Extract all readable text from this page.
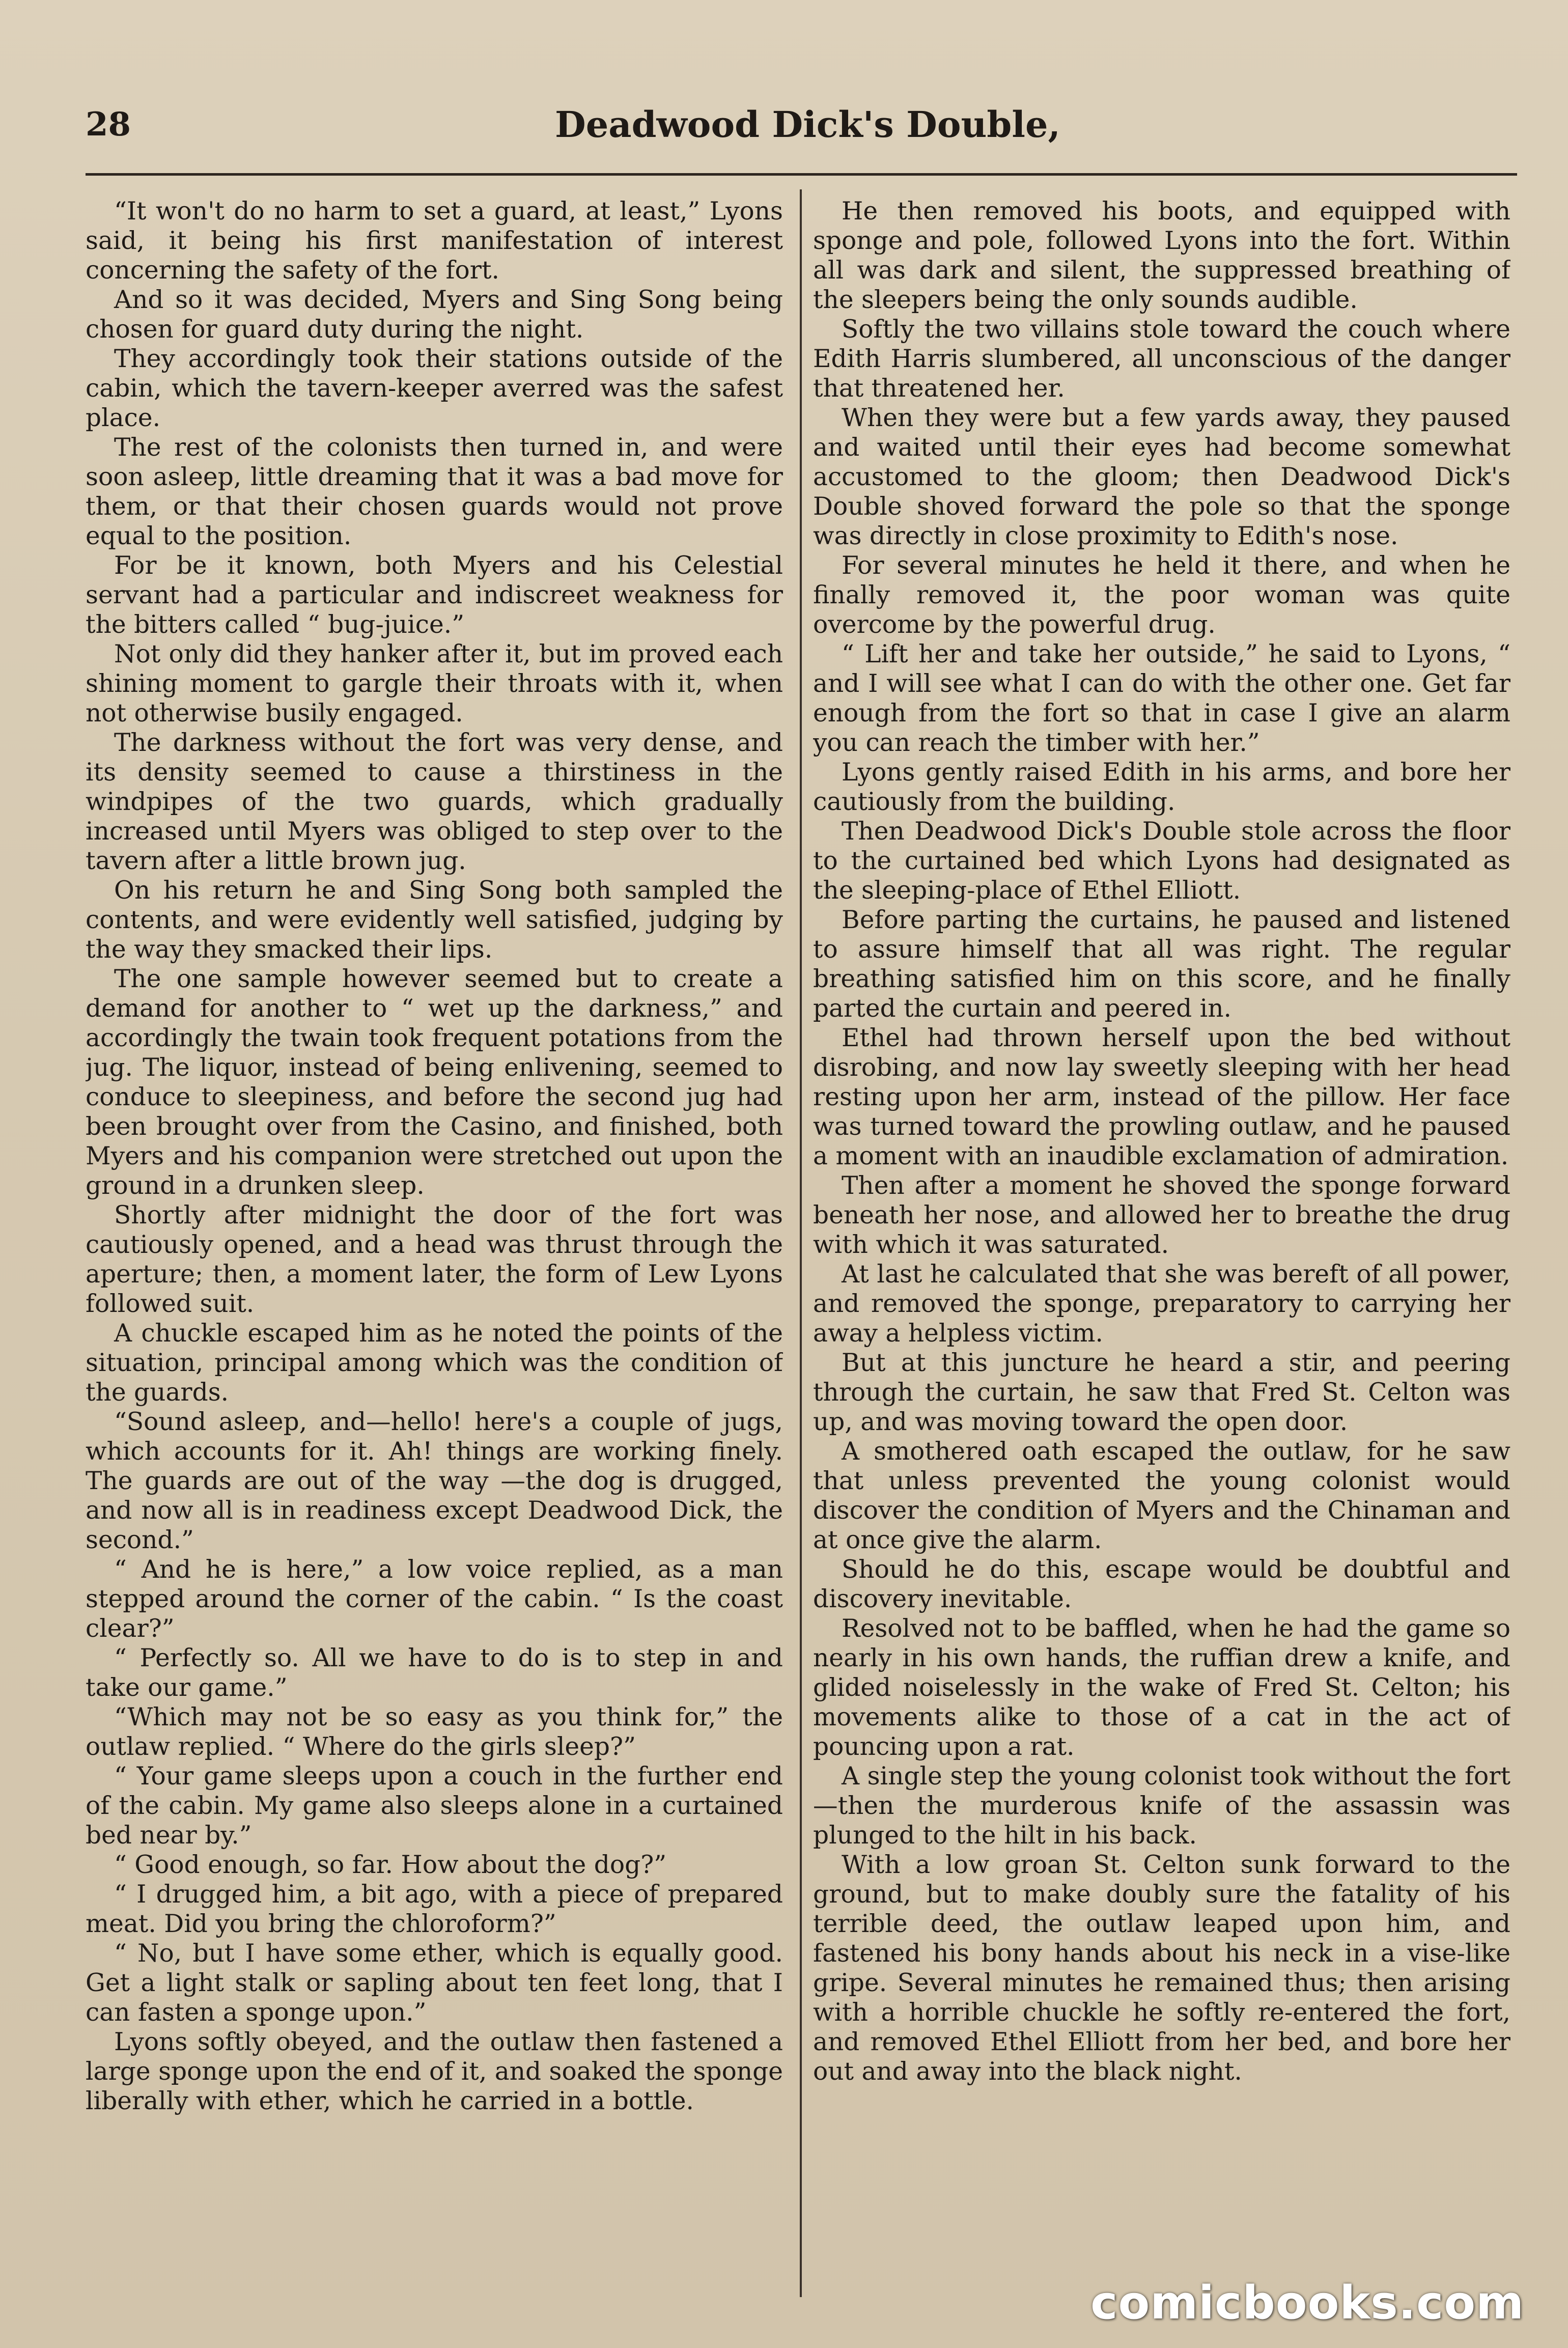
28	Deadwood Dick's Double,

“It won't do no harm to set a guard, at least,” Lyons said, it being his first manifestation of interest concerning the safety of the fort.

And so it was decided, Myers and Sing Song being chosen for guard duty during the night.

They accordingly took their stations outside of the cabin, which the tavern-keeper averred was the safest place.

The rest of the colonists then turned in, and were soon asleep, little dreaming that it was a bad move for them, or that their chosen guards would not prove equal to the position.

For be it known, both Myers and his Celestial servant had a particular and indiscreet weakness for the bitters called “ bug-juice.”

Not only did they hanker after it, but im proved each shining moment to gargle their throats with it, when not otherwise busily engaged.

The darkness without the fort was very dense, and its density seemed to cause a thirstiness in the windpipes of the two guards, which gradually increased until Myers was obliged to step over to the tavern after a little brown jug.

On his return he and Sing Song both sampled the contents, and were evidently well satisfied, judging by the way they smacked their lips.

The one sample however seemed but to create a demand for another to “ wet up the darkness,” and accordingly the twain took frequent potations from the jug. The liquor, instead of being enlivening, seemed to conduce to sleepiness, and before the second jug had been brought over from the Casino, and finished, both Myers and his companion were stretched out upon the ground in a drunken sleep.

Shortly after midnight the door of the fort was cautiously opened, and a head was thrust through the aperture; then, a moment later, the form of Lew Lyons followed suit.

A chuckle escaped him as he noted the points of the situation, principal among which was the condition of the guards.

“Sound asleep, and—hello! here's a couple of jugs, which accounts for it. Ah! things are working finely. The guards are out of the way —the dog is drugged, and now all is in readiness except Deadwood Dick, the second.”

“ And he is here,” a low voice replied, as a man stepped around the corner of the cabin. “ Is the coast clear?”

“ Perfectly so. All we have to do is to step in and take our game.”

“Which may not be so easy as you think for,” the outlaw replied. “ Where do the girls sleep?”

“ Your game sleeps upon a couch in the further end of the cabin. My game also sleeps alone in a curtained bed near by.”

“ Good enough, so far. How about the dog?”

“ I drugged him, a bit ago, with a piece of prepared meat. Did you bring the chloroform?”

“ No, but I have some ether, which is equally good. Get a light stalk or sapling about ten feet long, that I can fasten a sponge upon.”

Lyons softly obeyed, and the outlaw then fastened a large sponge upon the end of it, and soaked the sponge liberally with ether, which he carried in a bottle.

He then removed his boots, and equipped with sponge and pole, followed Lyons into the fort. Within all was dark and silent, the suppressed breathing of the sleepers being the only sounds audible.

Softly the two villains stole toward the couch where Edith Harris slumbered, all unconscious of the danger that threatened her.

When they were but a few yards away, they paused and waited until their eyes had become somewhat accustomed to the gloom; then Deadwood Dick's Double shoved forward the pole so that the sponge was directly in close proximity to Edith's nose.

For several minutes he held it there, and when he finally removed it, the poor woman was quite overcome by the powerful drug.

“ Lift her and take her outside,” he said to Lyons, “ and I will see what I can do with the other one. Get far enough from the fort so that in case I give an alarm you can reach the timber with her.”

Lyons gently raised Edith in his arms, and bore her cautiously from the building.

Then Deadwood Dick's Double stole across the floor to the curtained bed which Lyons had designated as the sleeping-place of Ethel Elliott.

Before parting the curtains, he paused and listened to assure himself that all was right. The regular breathing satisfied him on this score, and he finally parted the curtain and peered in.

Ethel had thrown herself upon the bed without disrobing, and now lay sweetly sleeping with her head resting upon her arm, instead of the pillow. Her face was turned toward the prowling outlaw, and he paused a moment with an inaudible exclamation of admiration.

Then after a moment he shoved the sponge forward beneath her nose, and allowed her to breathe the drug with which it was saturated.

At last he calculated that she was bereft of all power, and removed the sponge, preparatory to carrying her away a helpless victim.

But at this juncture he heard a stir, and peering through the curtain, he saw that Fred St. Celton was up, and was moving toward the open door.

A smothered oath escaped the outlaw, for he saw that unless prevented the young colonist would discover the condition of Myers and the Chinaman and at once give the alarm.

Should he do this, escape would be doubtful and discovery inevitable.

Resolved not to be baffled, when he had the game so nearly in his own hands, the ruffian drew a knife, and glided noiselessly in the wake of Fred St. Celton; his movements alike to those of a cat in the act of pouncing upon a rat.

A single step the young colonist took without the fort—then the murderous knife of the assassin was plunged to the hilt in his back.

With a low groan St. Celton sunk forward to the ground, but to make doubly sure the fatality of his terrible deed, the outlaw leaped upon him, and fastened his bony hands about his neck in a vise-like gripe. Several minutes he remained thus; then arising with a horrible chuckle he softly re-entered the fort, and removed Ethel Elliott from her bed, and bore her out and away into the black night.

comicbooks.com
